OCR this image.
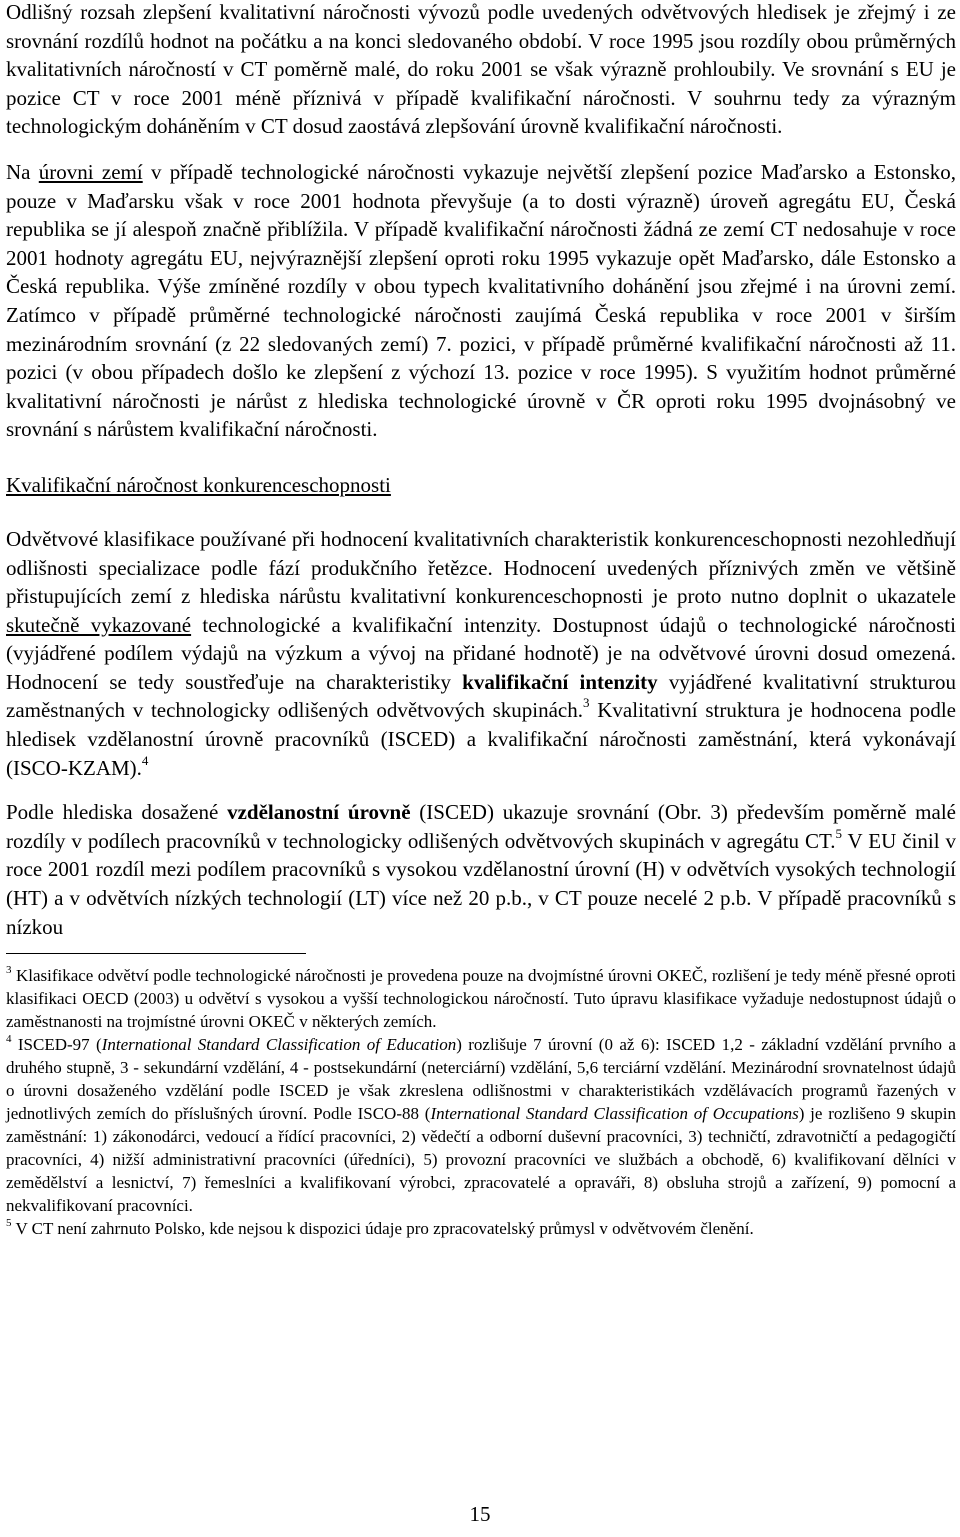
Odlišný rozsah zlepšení kvalitativní náročnosti vývozů podle uvedených odvětvových hledisek je zřejmý i ze srovnání rozdílů hodnot na počátku a na konci sledovaného období. V roce 1995 jsou rozdíly obou průměrných kvalitativních náročností v CT poměrně malé, do roku 2001 se však výrazně prohloubily. Ve srovnání s EU je pozice CT v roce 2001 méně příznivá v případě kvalifikační náročnosti. V souhrnu tedy za výrazným technologickým doháněním v CT dosud zaostává zlepšování úrovně kvalifikační náročnosti.

Na úrovni zemí v případě technologické náročnosti vykazuje největší zlepšení pozice Maďarsko a Estonsko, pouze v Maďarsku však v roce 2001 hodnota převyšuje (a to dosti výrazně) úroveň agregátu EU, Česká republika se jí alespoň značně přiblížila. V případě kvalifikační náročnosti žádná ze zemí CT nedosahuje v roce 2001 hodnoty agregátu EU, nejvýraznější zlepšení oproti roku 1995 vykazuje opět Maďarsko, dále Estonsko a Česká republika. Výše zmíněné rozdíly v obou typech kvalitativního dohánění jsou zřejmé i na úrovni zemí. Zatímco v případě průměrné technologické náročnosti zaujímá Česká republika v roce 2001 v širším mezinárodním srovnání (z 22 sledovaných zemí) 7. pozici, v případě průměrné kvalifikační náročnosti až 11. pozici (v obou případech došlo ke zlepšení z výchozí 13. pozice v roce 1995). S využitím hodnot průměrné kvalitativní náročnosti je nárůst z hlediska technologické úrovně v ČR oproti roku 1995 dvojnásobný ve srovnání s nárůstem kvalifikační náročnosti.

Kvalifikační náročnost konkurenceschopnosti

Odvětvové klasifikace používané při hodnocení kvalitativních charakteristik konkurenceschopnosti nezohledňují odlišnosti specializace podle fází produkčního řetězce. Hodnocení uvedených příznivých změn ve většině přistupujících zemí z hlediska nárůstu kvalitativní konkurenceschopnosti je proto nutno doplnit o ukazatele skutečně vykazované technologické a kvalifikační intenzity. Dostupnost údajů o technologické náročnosti (vyjádřené podílem výdajů na výzkum a vývoj na přidané hodnotě) je na odvětvové úrovni dosud omezená. Hodnocení se tedy soustřeďuje na charakteristiky kvalifikační intenzity vyjádřené kvalitativní strukturou zaměstnaných v technologicky odlišených odvětvových skupinách.$^3$ Kvalitativní struktura je hodnocena podle hledisek vzdělanostní úrovně pracovníků (ISCED) a kvalifikační náročnosti zaměstnání, která vykonávají (ISCO-KZAM).$^4$

Podle hlediska dosažené vzdělanostní úrovně (ISCED) ukazuje srovnání (Obr. 3) především poměrně malé rozdíly v podílech pracovníků v technologicky odlišených odvětvových skupinách v agregátu CT.$^5$ V EU činil v roce 2001 rozdíl mezi podílem pracovníků s vysokou vzdělanostní úrovní (H) v odvětvích vysokých technologií (HT) a v odvětvích nízkých technologií (LT) více než 20 p.b., v CT pouze necelé 2 p.b. V případě pracovníků s nízkou

$^3$ Klasifikace odvětví podle technologické náročnosti je provedena pouze na dvojmístné úrovni OKEČ, rozlišení je tedy méně přesné oproti klasifikaci OECD (2003) u odvětví s vysokou a vyšší technologickou náročností. Tuto úpravu klasifikace vyžaduje nedostupnost údajů o zaměstnanosti na trojmístné úrovni OKEČ v některých zemích.

$^4$ ISCED-97 (International Standard Classification of Education) rozlišuje 7 úrovní (0 až 6): ISCED 1,2 - základní vzdělání prvního a druhého stupně, 3 - sekundární vzdělání, 4 - postsekundární (neterciární) vzdělání, 5,6 terciární vzdělání. Mezinárodní srovnatelnost údajů o úrovni dosaženého vzdělání podle ISCED je však zkreslena odlišnostmi v charakteristikách vzdělávacích programů řazených v jednotlivých zemích do příslušných úrovní. Podle ISCO-88 (International Standard Classification of Occupations) je rozlišeno 9 skupin zaměstnání: 1) zákonodárci, vedoucí a řídící pracovníci, 2) vědečtí a odborní duševní pracovníci, 3) techničtí, zdravotničtí a pedagogičtí pracovníci, 4) nižší administrativní pracovníci (úředníci), 5) provozní pracovníci ve službách a obchodě, 6) kvalifikovaní dělníci v zemědělství a lesnictví, 7) řemeslníci a kvalifikovaní výrobci, zpracovatelé a opraváři, 8) obsluha strojů a zařízení, 9) pomocní a nekvalifikovaní pracovníci.

$^5$ V CT není zahrnuto Polsko, kde nejsou k dispozici údaje pro zpracovatelský průmysl v odvětvovém členění.

15
